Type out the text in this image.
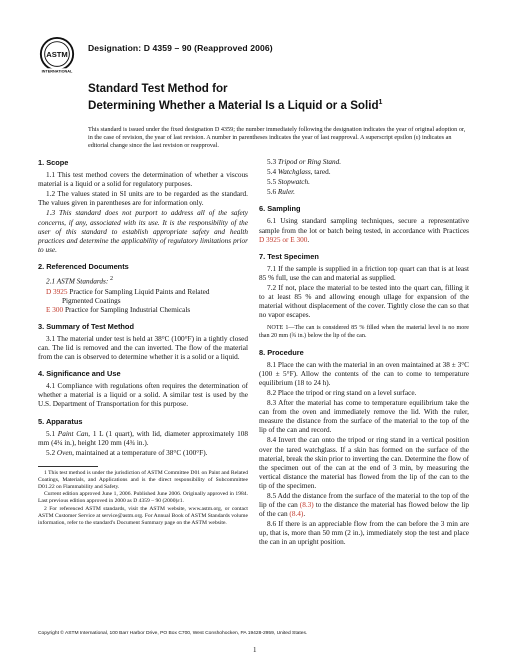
ASTM
INTERNATIONAL
Designation: D 4359 – 90 (Reapproved 2006)
Standard Test Method for
Determining Whether a Material Is a Liquid or a Solid$^1$
This standard is issued under the fixed designation D 4359; the number immediately following the designation indicates the year of original adoption or, in the case of revision, the year of last revision. A number in parentheses indicates the year of last reapproval. A superscript epsilon (ε) indicates an editorial change since the last revision or reapproval.
1. Scope

1.1 This test method covers the determination of whether a viscous material is a liquid or a solid for regulatory purposes.

1.2 The values stated in SI units are to be regarded as the standard. The values given in parentheses are for information only.

1.3 This standard does not purport to address all of the safety concerns, if any, associated with its use. It is the responsibility of the user of this standard to establish appropriate safety and health practices and determine the applicability of regulatory limitations prior to use.

2. Referenced Documents

2.1 ASTM Standards: $^2$

D 3925 Practice for Sampling Liquid Paints and Related
Pigmented Coatings

E 300 Practice for Sampling Industrial Chemicals

3. Summary of Test Method

3.1 The material under test is held at 38°C (100°F) in a tightly closed can. The lid is removed and the can inverted. The flow of the material from the can is observed to determine whether it is a solid or a liquid.

4. Significance and Use

4.1 Compliance with regulations often requires the determination of whether a material is a liquid or a solid. A similar test is used by the U.S. Department of Transportation for this purpose.

5. Apparatus

5.1 Paint Can, 1 L (1 quart), with lid, diameter approximately 108 mm (4¼ in.), height 120 mm (4¾ in.).

5.2 Oven, maintained at a temperature of 38°C (100°F).

1 This test method is under the jurisdiction of ASTM Committee D01 on Paint and Related Coatings, Materials, and Applications and is the direct responsibility of Subcommittee D01.22 on Flammability and Safety.

Current edition approved June 1, 2006. Published June 2006. Originally approved in 1984. Last previous edition approved in 2000 as D 4359 – 90 (2000)ε1.

2 For referenced ASTM standards, visit the ASTM website, www.astm.org, or contact ASTM Customer Service at service@astm.org. For Annual Book of ASTM Standards volume information, refer to the standard's Document Summary page on the ASTM website.

5.3 Tripod or Ring Stand.

5.4 Watchglass, tared.

5.5 Stopwatch.

5.6 Ruler.

6. Sampling

6.1 Using standard sampling techniques, secure a representative sample from the lot or batch being tested, in accordance with Practices D 3925 or E 300.

7. Test Specimen

7.1 If the sample is supplied in a friction top quart can that is at least 85 % full, use the can and material as supplied.

7.2 If not, place the material to be tested into the quart can, filling it to at least 85 % and allowing enough ullage for expansion of the material without displacement of the cover. Tightly close the can so that no vapor escapes.

NOTE 1—The can is considered 85 % filled when the material level is no more than 20 mm (¾ in.) below the lip of the can.

8. Procedure

8.1 Place the can with the material in an oven maintained at 38 ± 3°C (100 ± 5°F). Allow the contents of the can to come to temperature equilibrium (18 to 24 h).

8.2 Place the tripod or ring stand on a level surface.

8.3 After the material has come to temperature equilibrium take the can from the oven and immediately remove the lid. With the ruler, measure the distance from the surface of the material to the top of the lip of the can and record.

8.4 Invert the can onto the tripod or ring stand in a vertical position over the tared watchglass. If a skin has formed on the surface of the material, break the skin prior to inverting the can. Determine the flow of the specimen out of the can at the end of 3 min, by measuring the vertical distance the material has flowed from the lip of the can to the tip of the specimen.

8.5 Add the distance from the surface of the material to the top of the lip of the can (8.3) to the distance the material has flowed below the lip of the can (8.4).

8.6 If there is an appreciable flow from the can before the 3 min are up, that is, more than 50 mm (2 in.), immediately stop the test and place the can in an upright position.

Copyright © ASTM International, 100 Barr Harbor Drive, PO Box C700, West Conshohocken, PA 19428-2959, United States.
1
